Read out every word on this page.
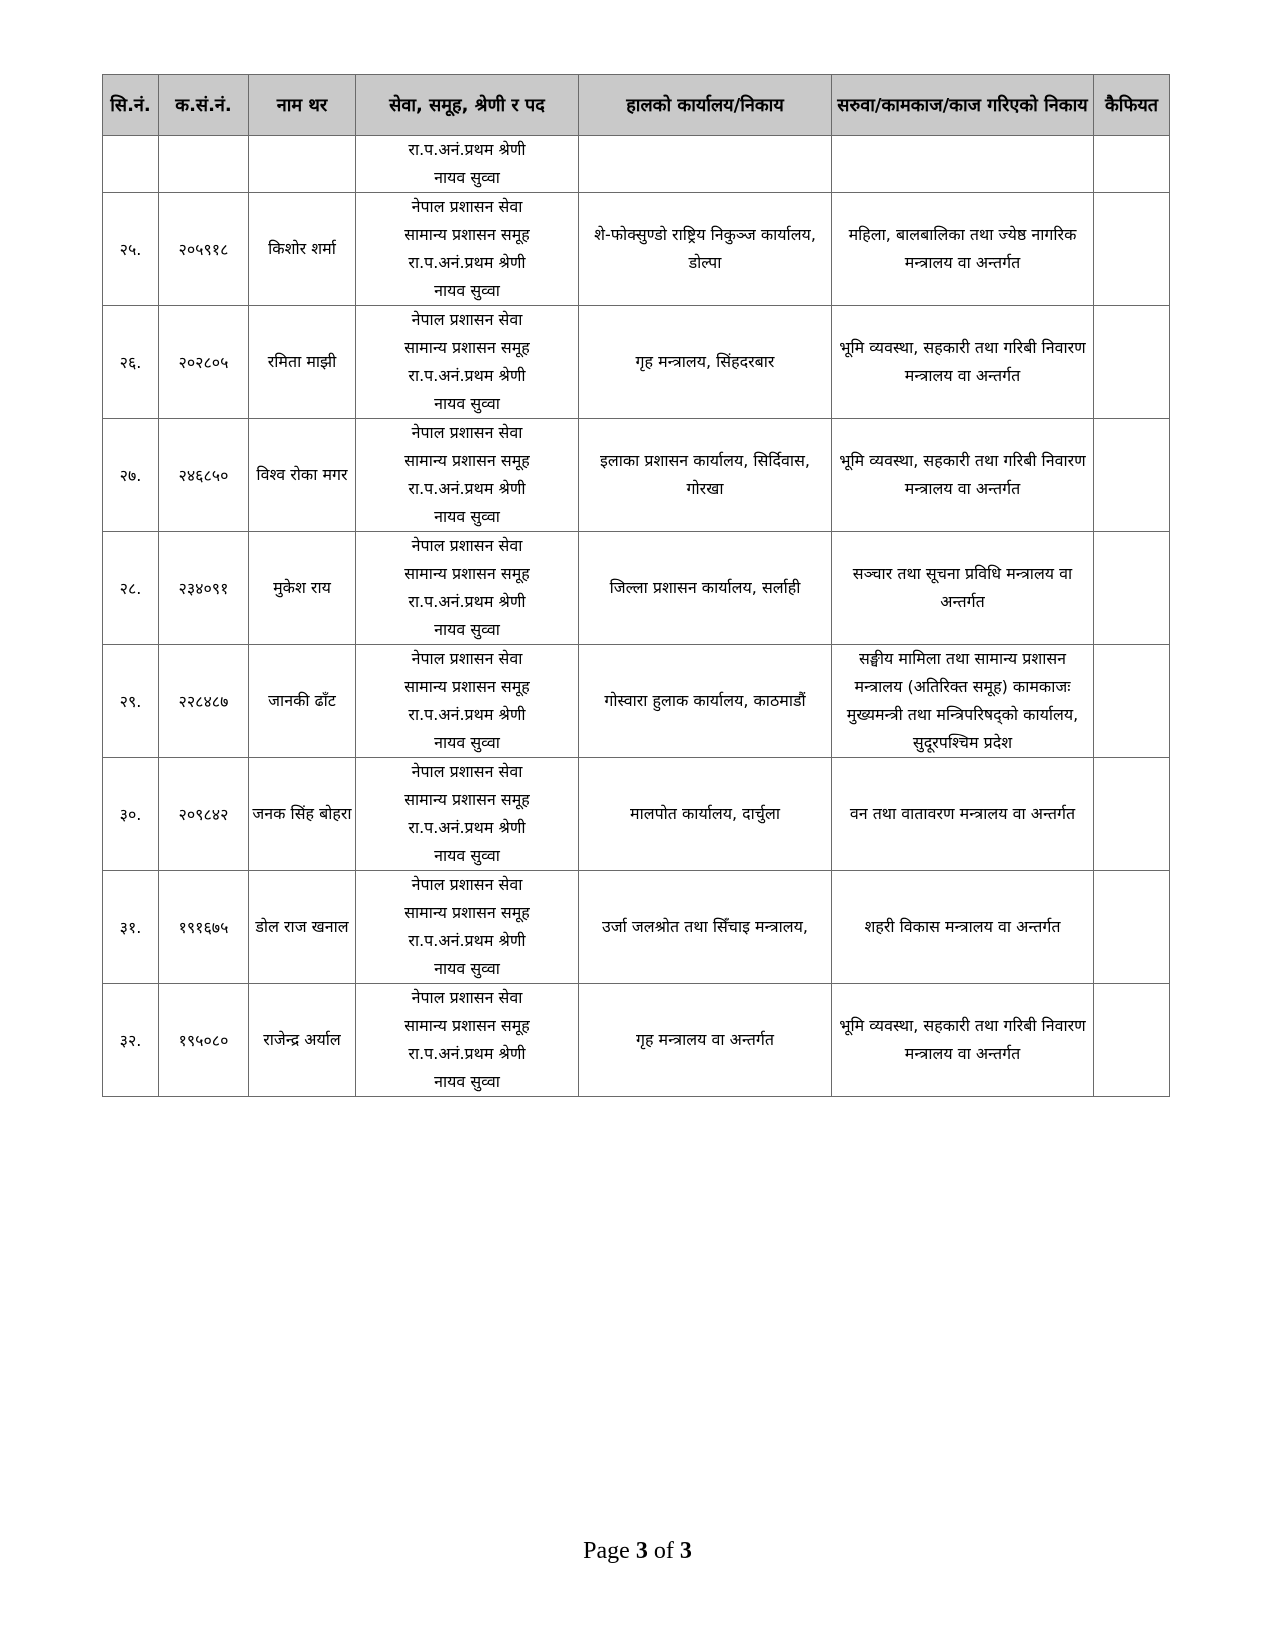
सि.नं.	क.सं.नं.	नाम थर	सेवा, समूह, श्रेणी र पद	हालको कार्यालय/निकाय	सरुवा/कामकाज/काज गरिएको निकाय	कैफियत

			रा.प.अनं.प्रथम श्रेणी
नायव सुव्वा			

२५.	२०५९१८	किशोर शर्मा	नेपाल प्रशासन सेवा
सामान्य प्रशासन समूह
रा.प.अनं.प्रथम श्रेणी
नायव सुव्वा	शे-फोक्सुण्डो राष्ट्रिय निकुञ्ज कार्यालय, डोल्पा	महिला, बालबालिका तथा ज्येष्ठ नागरिक मन्त्रालय वा अन्तर्गत	
२६.	२०२८०५	रमिता माझी	नेपाल प्रशासन सेवा
सामान्य प्रशासन समूह
रा.प.अनं.प्रथम श्रेणी
नायव सुव्वा	गृह मन्त्रालय, सिंहदरबार	भूमि व्यवस्था, सहकारी तथा गरिबी निवारण मन्त्रालय वा अन्तर्गत	
२७.	२४६८५०	विश्व रोका मगर	नेपाल प्रशासन सेवा
सामान्य प्रशासन समूह
रा.प.अनं.प्रथम श्रेणी
नायव सुव्वा	इलाका प्रशासन कार्यालय, सिर्दिवास, गोरखा	भूमि व्यवस्था, सहकारी तथा गरिबी निवारण मन्त्रालय वा अन्तर्गत	
२८.	२३४०९१	मुकेश राय	नेपाल प्रशासन सेवा
सामान्य प्रशासन समूह
रा.प.अनं.प्रथम श्रेणी
नायव सुव्वा	जिल्ला प्रशासन कार्यालय, सर्लाही	सञ्चार तथा सूचना प्रविधि मन्त्रालय वा अन्तर्गत	
२९.	२२८४८७	जानकी ढाँट	नेपाल प्रशासन सेवा
सामान्य प्रशासन समूह
रा.प.अनं.प्रथम श्रेणी
नायव सुव्वा	गोस्वारा हुलाक कार्यालय, काठमाडौं	सङ्घीय मामिला तथा सामान्य प्रशासन मन्त्रालय (अतिरिक्त समूह) कामकाजः मुख्यमन्त्री तथा मन्त्रिपरिषद्को कार्यालय, सुदूरपश्चिम प्रदेश	
३०.	२०९८४२	जनक सिंह बोहरा	नेपाल प्रशासन सेवा
सामान्य प्रशासन समूह
रा.प.अनं.प्रथम श्रेणी
नायव सुव्वा	मालपोत कार्यालय, दार्चुला	वन तथा वातावरण मन्त्रालय वा अन्तर्गत	
३१.	१९१६७५	डोल राज खनाल	नेपाल प्रशासन सेवा
सामान्य प्रशासन समूह
रा.प.अनं.प्रथम श्रेणी
नायव सुव्वा	उर्जा जलश्रोत तथा सिँचाइ मन्त्रालय,	शहरी विकास मन्त्रालय वा अन्तर्गत	
३२.	१९५०८०	राजेन्द्र अर्याल	नेपाल प्रशासन सेवा
सामान्य प्रशासन समूह
रा.प.अनं.प्रथम श्रेणी
नायव सुव्वा	गृह मन्त्रालय वा अन्तर्गत	भूमि व्यवस्था, सहकारी तथा गरिबी निवारण मन्त्रालय वा अन्तर्गत	
Page 3 of 3
